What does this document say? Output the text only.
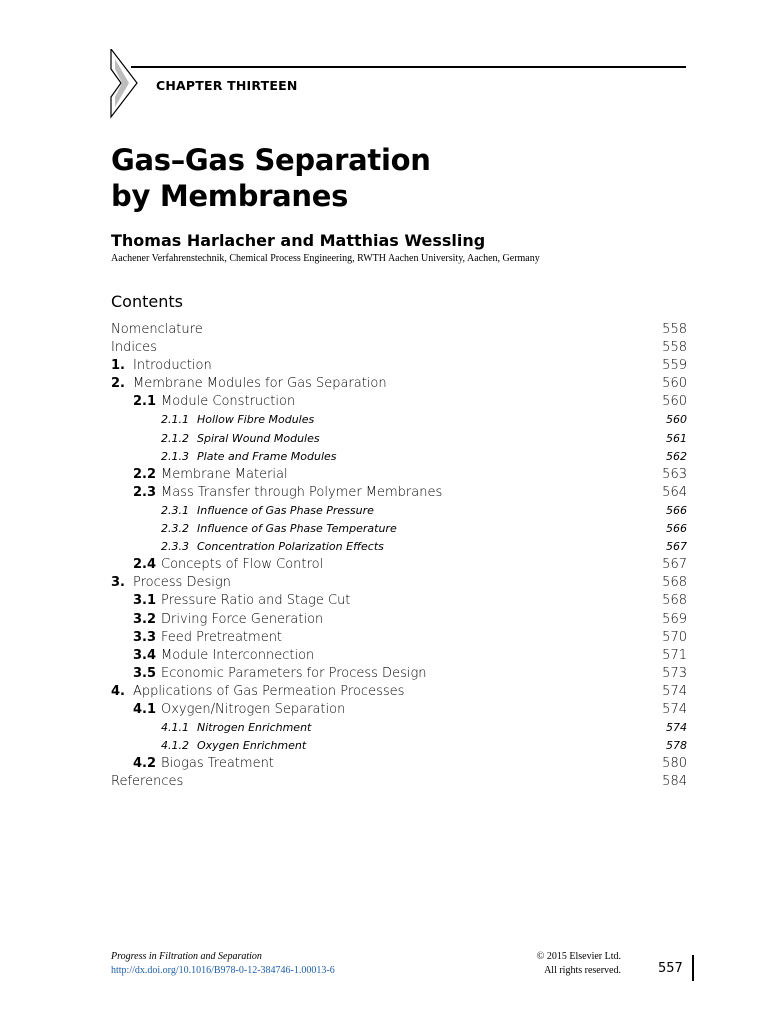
CHAPTER THIRTEEN
Gas–Gas Separation
by Membranes
Thomas Harlacher and Matthias Wessling
Aachener Verfahrenstechnik, Chemical Process Engineering, RWTH Aachen University, Aachen, Germany
Contents
Nomenclature	558
Indices	558
1. Introduction	559
2. Membrane Modules for Gas Separation	560
2.1 Module Construction	560
2.1.1 Hollow Fibre Modules	560
2.1.2 Spiral Wound Modules	561
2.1.3 Plate and Frame Modules	562
2.2 Membrane Material	563
2.3 Mass Transfer through Polymer Membranes	564
2.3.1 Influence of Gas Phase Pressure	566
2.3.2 Influence of Gas Phase Temperature	566
2.3.3 Concentration Polarization Effects	567
2.4 Concepts of Flow Control	567
3. Process Design	568
3.1 Pressure Ratio and Stage Cut	568
3.2 Driving Force Generation	569
3.3 Feed Pretreatment	570
3.4 Module Interconnection	571
3.5 Economic Parameters for Process Design	573
4. Applications of Gas Permeation Processes	574
4.1 Oxygen/Nitrogen Separation	574
4.1.1 Nitrogen Enrichment	574
4.1.2 Oxygen Enrichment	578
4.2 Biogas Treatment	580
References	584
Progress in Filtration and Separation
http://dx.doi.org/10.1016/B978-0-12-384746-1.00013-6
© 2015 Elsevier Ltd.
All rights reserved.	557
